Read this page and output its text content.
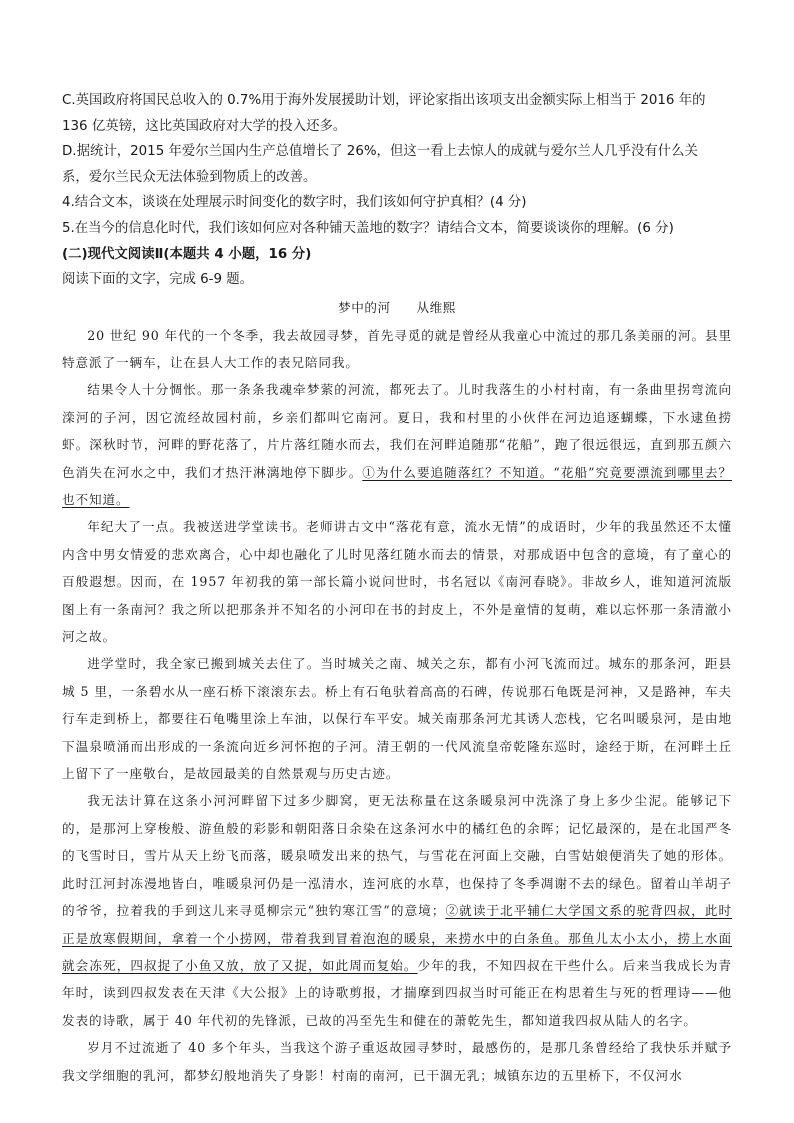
C.英国政府将国民总收入的 0.7%用于海外发展援助计划，评论家指出该项支出金额实际上相当于 2016 年的

136 亿英镑，这比英国政府对大学的投入还多。

D.据统计，2015 年爱尔兰国内生产总值增长了 26%，但这一看上去惊人的成就与爱尔兰人几乎没有什么关

系，爱尔兰民众无法体验到物质上的改善。

4.结合文本，谈谈在处理展示时间变化的数字时，我们该如何守护真相？(4 分)

5.在当今的信息化时代，我们该如何应对各种铺天盖地的数字？请结合文本，简要谈谈你的理解。(6 分)

(二)现代文阅读Ⅱ(本题共 4 小题，16 分)

阅读下面的文字，完成 6-9 题。

梦中的河 从维熙

20 世纪 90 年代的一个冬季，我去故园寻梦，首先寻觅的就是曾经从我童心中流过的那几条美丽的河。县里特意派了一辆车，让在县人大工作的表兄陪同我。

结果令人十分惆怅。那一条条我魂牵梦萦的河流，都死去了。儿时我落生的小村村南，有一条曲里拐弯流向滦河的子河，因它流经故园村前，乡亲们都叫它南河。夏日，我和村里的小伙伴在河边追逐蝴蝶，下水逮鱼捞虾。深秋时节，河畔的野花落了，片片落红随水而去，我们在河畔追随那“花船”，跑了很远很远，直到那五颜六色消失在河水之中，我们才热汗淋漓地停下脚步。①为什么要追随落红？不知道。“花船”究竟要漂流到哪里去？也不知道。

年纪大了一点。我被送进学堂读书。老师讲古文中“落花有意，流水无情”的成语时，少年的我虽然还不太懂内含中男女情爱的悲欢离合，心中却也融化了儿时见落红随水而去的情景，对那成语中包含的意境，有了童心的百般遐想。因而，在 1957 年初我的第一部长篇小说问世时，书名冠以《南河春晓》。非故乡人，谁知道河流版图上有一条南河？我之所以把那条并不知名的小河印在书的封皮上，不外是童情的复萌，难以忘怀那一条清澈小河之故。

进学堂时，我全家已搬到城关去住了。当时城关之南、城关之东，都有小河飞流而过。城东的那条河，距县城 5 里，一条碧水从一座石桥下滚滚东去。桥上有石龟驮着高高的石碑，传说那石龟既是河神，又是路神，车夫行车走到桥上，都要往石龟嘴里涂上车油，以保行车平安。城关南那条河尤其诱人恋栈，它名叫暖泉河，是由地下温泉喷涌而出形成的一条流向近乡河怀抱的子河。清王朝的一代风流皇帝乾隆东巡时，途经于斯，在河畔土丘上留下了一座敬台，是故园最美的自然景观与历史古迹。

我无法计算在这条小河河畔留下过多少脚窝，更无法称量在这条暖泉河中洗涤了身上多少尘泥。能够记下的，是那河上穿梭般、游鱼般的彩影和朝阳落日余染在这条河水中的橘红色的余晖；记忆最深的，是在北国严冬的飞雪时日，雪片从天上纷飞而落，暖泉喷发出来的热气，与雪花在河面上交融，白雪姑娘便消失了她的形体。此时江河封冻漫地皆白，唯暖泉河仍是一泓清水，连河底的水草，也保持了冬季凋谢不去的绿色。留着山羊胡子的爷爷，拉着我的手到这儿来寻觅柳宗元“独钓寒江雪”的意境；②就读于北平辅仁大学国文系的驼背四叔，此时正是放寒假期间，拿着一个小捞网，带着我到冒着泡泡的暖泉，来捞水中的白条鱼。那鱼儿太小太小，捞上水面就会冻死，四叔捉了小鱼又放，放了又捉，如此周而复始。少年的我，不知四叔在干些什么。后来当我成长为青年时，读到四叔发表在天津《大公报》上的诗歌剪报，才揣摩到四叔当时可能正在构思着生与死的哲理诗——他发表的诗歌，属于 40 年代初的先锋派，已故的冯至先生和健在的萧乾先生，都知道我四叔从陆人的名字。

岁月不过流逝了 40 多个年头，当我这个游子重返故园寻梦时，最感伤的，是那几条曾经给了我快乐并赋予我文学细胞的乳河，都梦幻般地消失了身影！村南的南河，已干涸无乳；城镇东边的五里桥下，不仅河水
